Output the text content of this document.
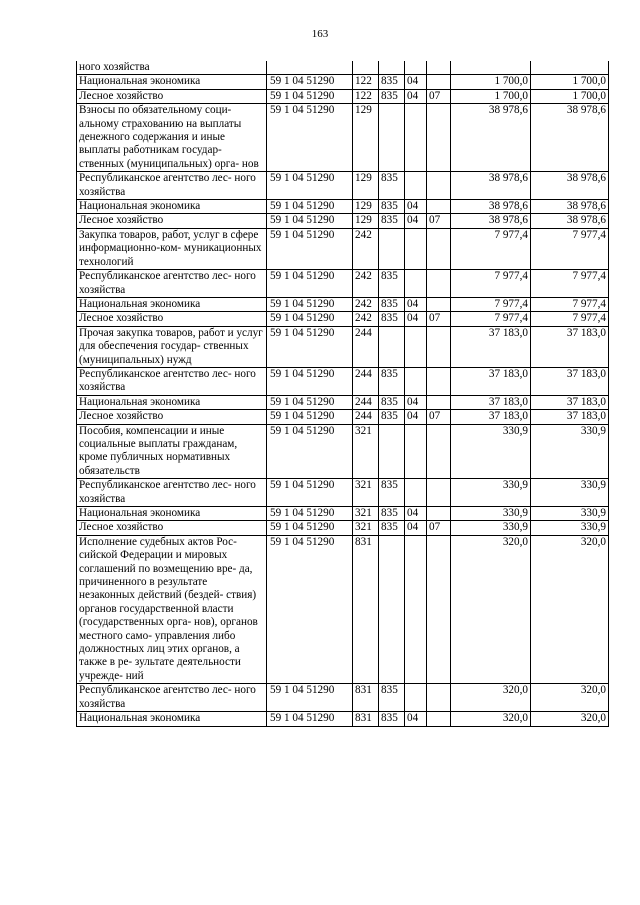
163
ного хозяйства							
Национальная экономика	59 1 04 51290	122	835	04		1 700,0	1 700,0
Лесное хозяйство	59 1 04 51290	122	835	04	07	1 700,0	1 700,0
Взносы по обязательному соци- альному страхованию на выплаты денежного содержания и иные выплаты работникам государ- ственных (муниципальных) орга- нов	59 1 04 51290	129				38 978,6	38 978,6
Республиканское агентство лес- ного хозяйства	59 1 04 51290	129	835			38 978,6	38 978,6
Национальная экономика	59 1 04 51290	129	835	04		38 978,6	38 978,6
Лесное хозяйство	59 1 04 51290	129	835	04	07	38 978,6	38 978,6
Закупка товаров, работ, услуг в сфере информационно-ком- муникационных технологий	59 1 04 51290	242				7 977,4	7 977,4
Республиканское агентство лес- ного хозяйства	59 1 04 51290	242	835			7 977,4	7 977,4
Национальная экономика	59 1 04 51290	242	835	04		7 977,4	7 977,4
Лесное хозяйство	59 1 04 51290	242	835	04	07	7 977,4	7 977,4
Прочая закупка товаров, работ и услуг для обеспечения государ- ственных (муниципальных) нужд	59 1 04 51290	244				37 183,0	37 183,0
Республиканское агентство лес- ного хозяйства	59 1 04 51290	244	835			37 183,0	37 183,0
Национальная экономика	59 1 04 51290	244	835	04		37 183,0	37 183,0
Лесное хозяйство	59 1 04 51290	244	835	04	07	37 183,0	37 183,0
Пособия, компенсации и иные социальные выплаты гражданам, кроме публичных нормативных обязательств	59 1 04 51290	321				330,9	330,9
Республиканское агентство лес- ного хозяйства	59 1 04 51290	321	835			330,9	330,9
Национальная экономика	59 1 04 51290	321	835	04		330,9	330,9
Лесное хозяйство	59 1 04 51290	321	835	04	07	330,9	330,9
Исполнение судебных актов Рос- сийской Федерации и мировых соглашений по возмещению вре- да, причиненного в результате незаконных действий (бездей- ствия) органов государственной власти (государственных орга- нов), органов местного само- управления либо должностных лиц этих органов, а также в ре- зультате деятельности учрежде- ний	59 1 04 51290	831				320,0	320,0
Республиканское агентство лес- ного хозяйства	59 1 04 51290	831	835			320,0	320,0
Национальная экономика	59 1 04 51290	831	835	04		320,0	320,0
